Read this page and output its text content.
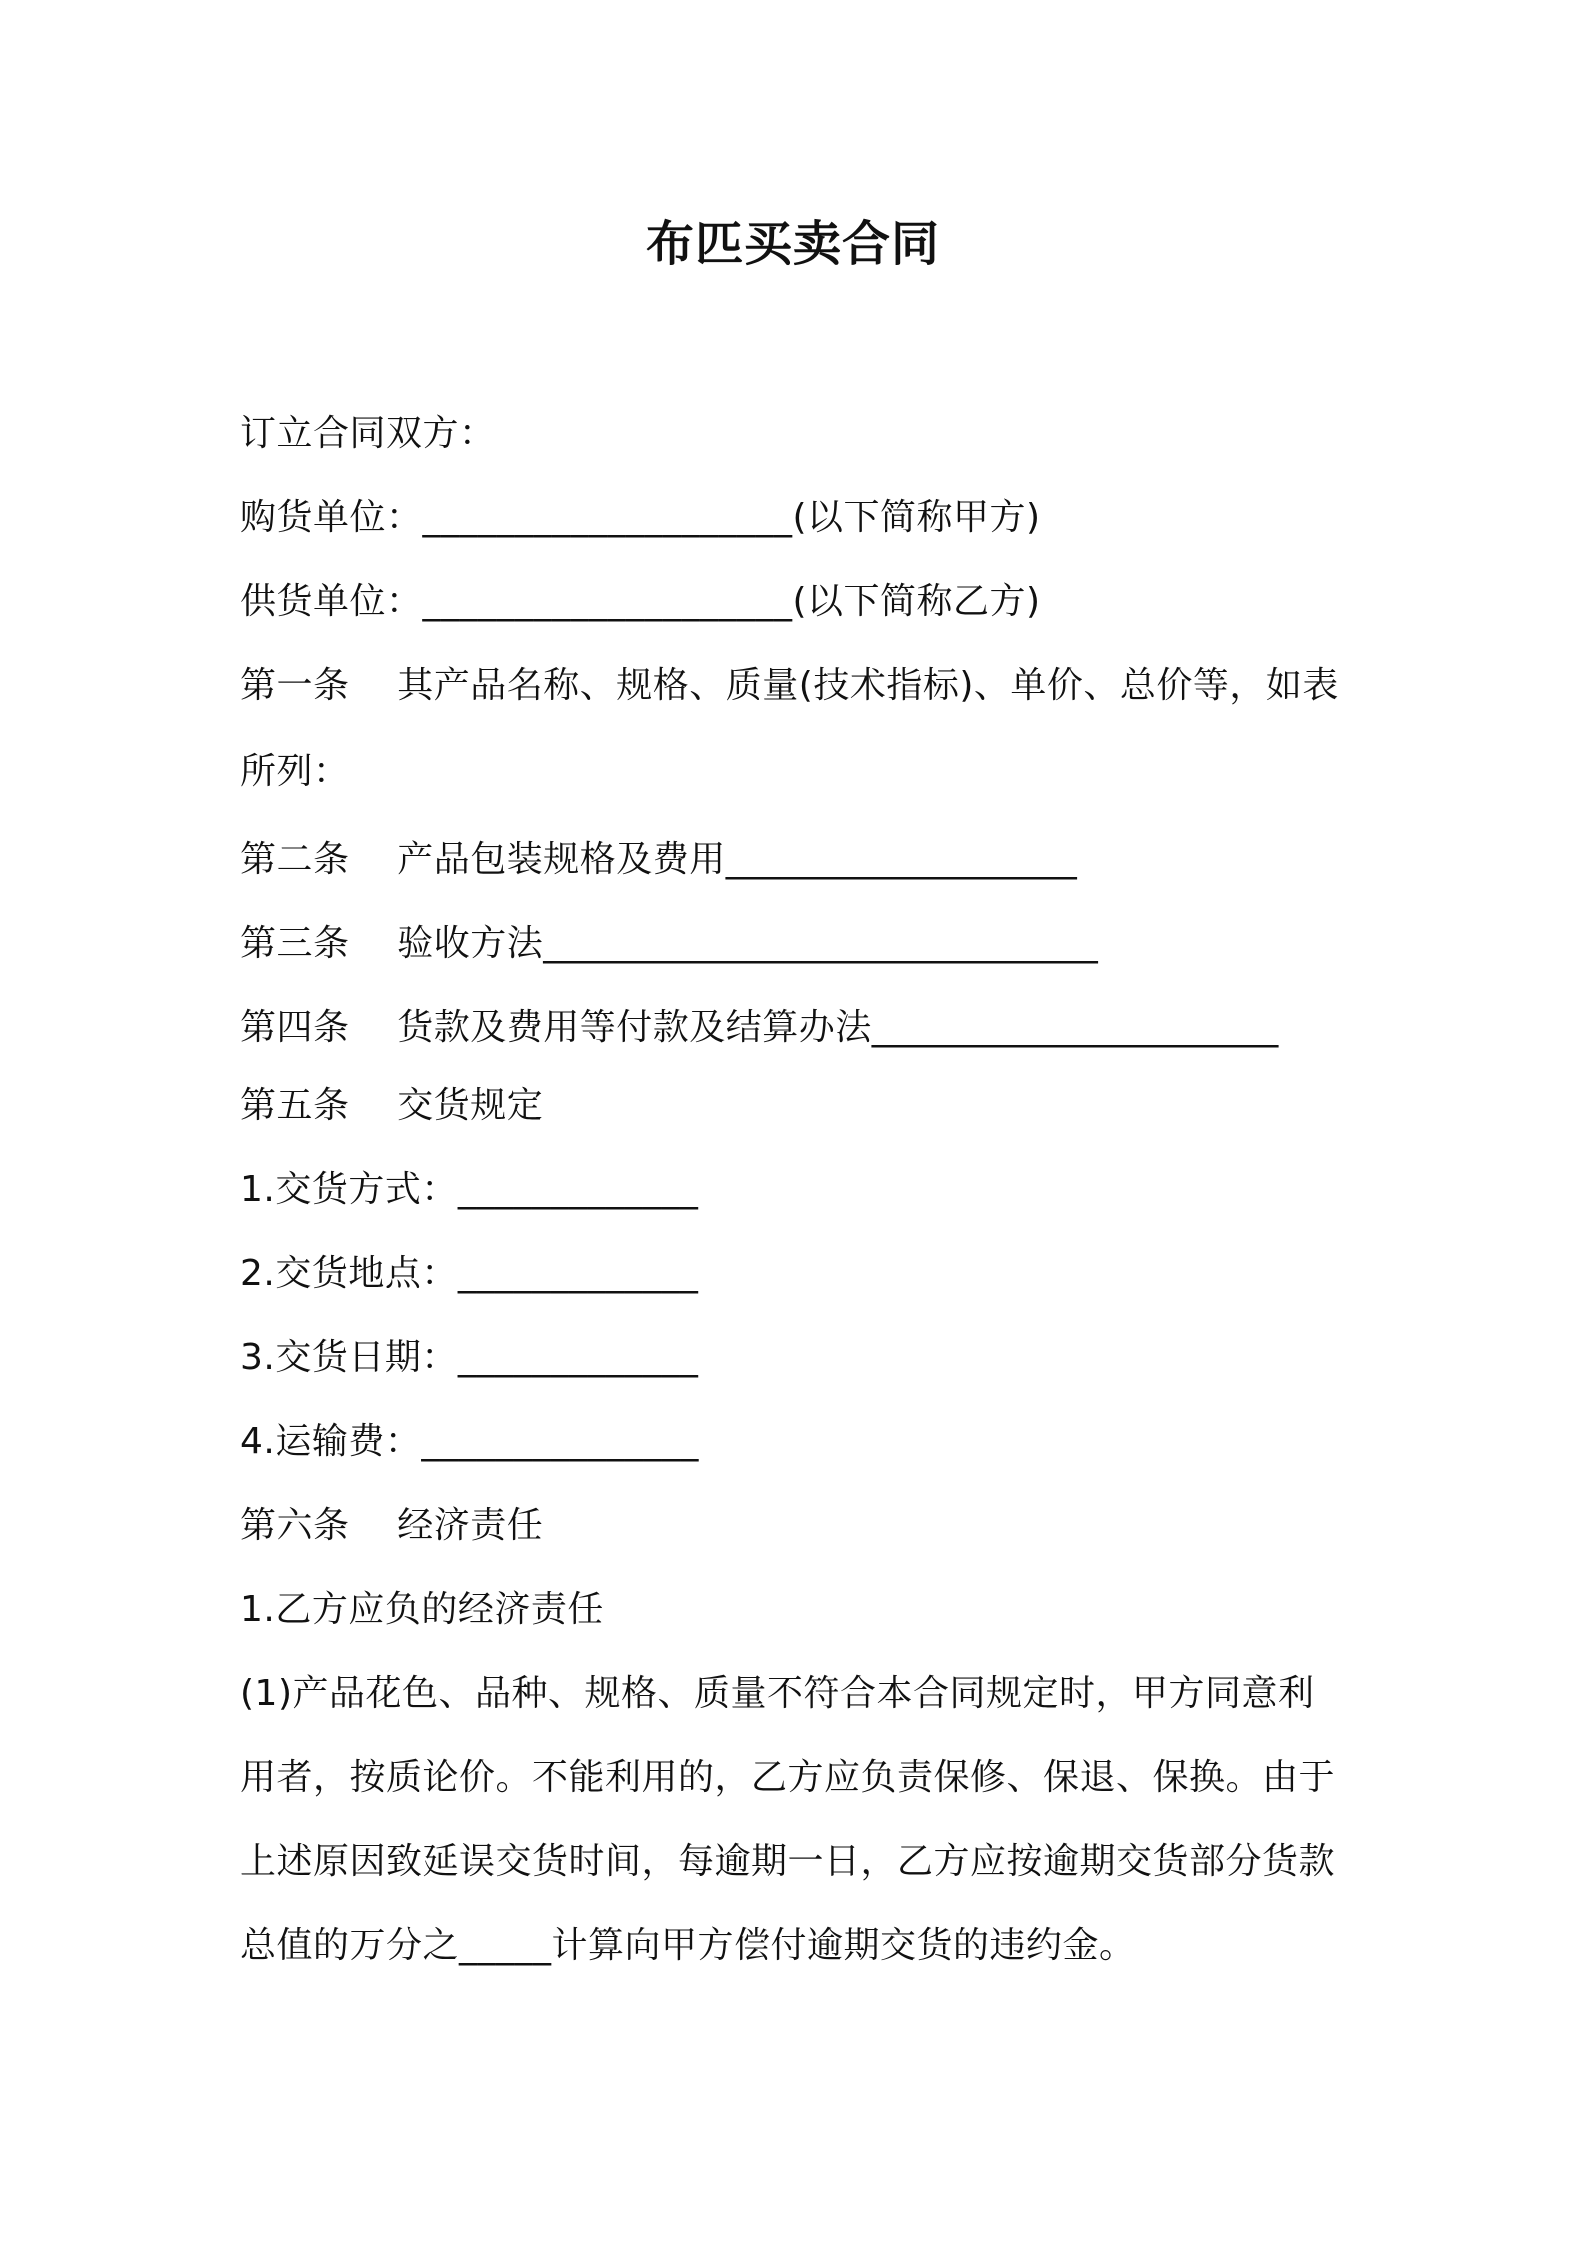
布匹买卖合同
订立合同双方：
购货单位：____________________(以下简称甲方)
供货单位：____________________(以下简称乙方)
第一条    其产品名称、规格、质量(技术指标)、单价、总价等，如表
所列：
第二条    产品包装规格及费用___________________
第三条    验收方法______________________________
第四条    货款及费用等付款及结算办法______________________
第五条    交货规定
1.交货方式：_____________
2.交货地点：_____________
3.交货日期：_____________
4.运输费：_______________
第六条    经济责任
1.乙方应负的经济责任
(1)产品花色、品种、规格、质量不符合本合同规定时，甲方同意利
用者，按质论价。不能利用的，乙方应负责保修、保退、保换。由于
上述原因致延误交货时间，每逾期一日，乙方应按逾期交货部分货款
总值的万分之_____计算向甲方偿付逾期交货的违约金。
